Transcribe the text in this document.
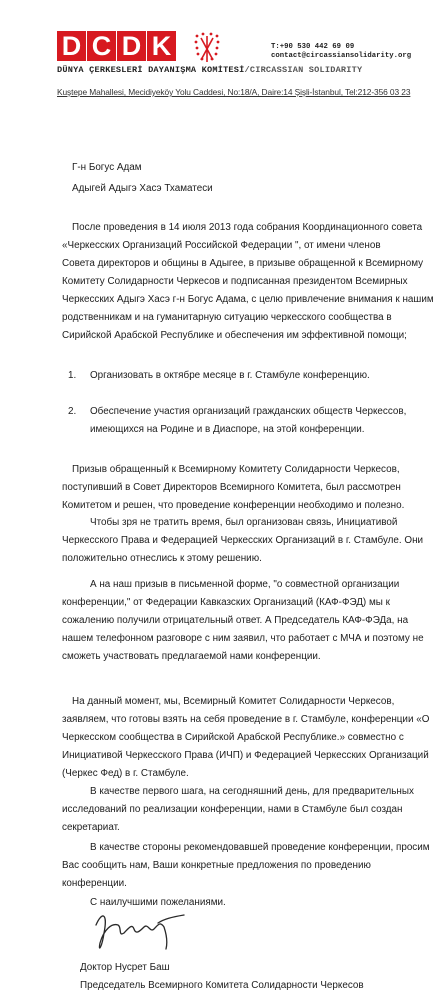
D C D K	T:+90 530 442 69 09
contact@circassiansolidarity.org
DÜNYA ÇERKESLERİ DAYANIŞMA KOMİTESİ/CIRCASSIAN SOLIDARITY
Kuştepe Mahallesi, Mecidiyeköy Yolu Caddesi, No:18/A, Daire:14 Şişli-İstanbul, Tel:212-356 03 23
Г-н Богус Адам
Адыгей Адыгэ Хасэ Тхаматеси
После проведения в 14 июля 2013 года собрания Координационного совета
«Черкесских Организаций Российской Федерации ", от имени членов
Совета директоров и общины в Адыгее, в призыве обращенной к Всемирному
Комитету Солидарности Черкесов и подписанная президентом Всемирных
Черкесских Адыгэ Хасэ г-н Богус Адама, с целю привлечение внимания к нашим
родственникам и на гуманитарную ситуацию черкесского сообщества в
Сирийской Арабской Республике и обеспечения им эффективной помощи;
1. Организовать в октябре месяце в г. Стамбуле конференцию.
2. Обеспечение участия организаций гражданских обществ Черкессов,
имеющихся на Родине и в Диаспоре, на этой конференции.
Призыв обращенный к Всемирному Комитету Солидарности Черкесов,
поступивший в Совет Директоров Всемирного Комитета, был рассмотрен
Комитетом и решен, что проведение конференции необходимо и полезно.
Чтобы зря не тратить время, был организован связь, Инициативой
Черкесского Права и Федерацией Черкесских Организаций в г. Стамбуле. Они
положительно отнеслись к этому решению.
А на наш призыв в письменной форме, "о совместной организации
конференции," от Федерации Кавказских Организаций (КАФ-ФЭД) мы к
сожалению получили отрицательный ответ. А Председатель КАФ-ФЭДа, на
нашем телефонном разговоре с ним заявил, что работает с МЧА и поэтому не
сможеть участвовать предлагаемой нами конференции.
На данный момент, мы, Всемирный Комитет Солидарности Черкесов,
заявляем, что готовы взять на себя проведение в г. Стамбуле, конференции «О
Черкесском сообщества в Сирийской Арабской Республике.» совместно с
Инициативой Черкесского Права (ИЧП) и Федерацией Черкесских Организаций
(Черкес Фед) в г. Стамбуле.
В качестве первого шага, на сегодняшний день, для предварительных
исследований по реализации конференции, нами в Стамбуле был создан
секретариат.
В качестве стороны рекомендовавшей проведение конференции, просим
Вас сообщить нам, Ваши конкретные предложения по проведению
конференции.
С наилучшими пожеланиями.
Доктор Нусрет Баш
Председатель Всемирного Комитета Солидарности Черкесов
